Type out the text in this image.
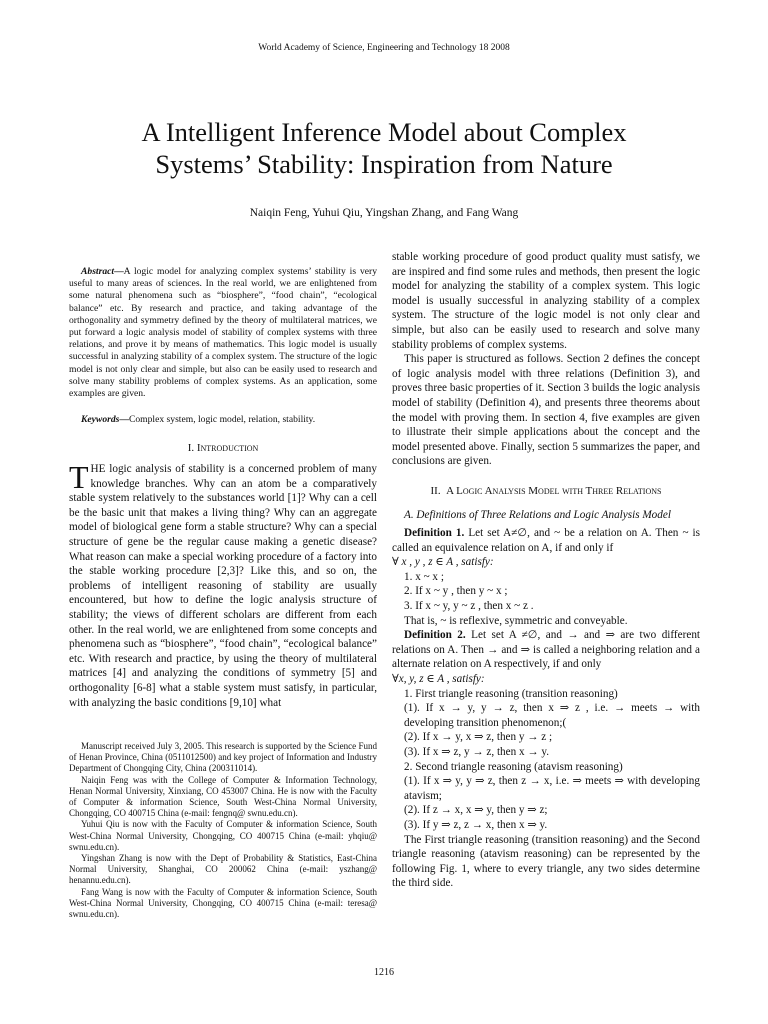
World Academy of Science, Engineering and Technology 18 2008
A Intelligent Inference Model about Complex
Systems’ Stability: Inspiration from Nature
Naiqin Feng, Yuhui Qiu, Yingshan Zhang, and Fang Wang

Abstract—A logic model for analyzing complex systems’ stability is very useful to many areas of sciences. In the real world, we are enlightened from some natural phenomena such as “biosphere”, “food chain”, “ecological balance” etc. By research and practice, and taking advantage of the orthogonality and symmetry defined by the theory of multilateral matrices, we put forward a logic analysis model of stability of complex systems with three relations, and prove it by means of mathematics. This logic model is usually successful in analyzing stability of a complex system. The structure of the logic model is not only clear and simple, but also can be easily used to research and solve many stability problems of complex systems. As an application, some examples are given.

Keywords—Complex system, logic model, relation, stability.

I. Introduction

THE logic analysis of stability is a concerned problem of many knowledge branches. Why can an atom be a comparatively stable system relatively to the substances world [1]? Why can a cell be the basic unit that makes a living thing? Why can an aggregate model of biological gene form a stable structure? Why can a special structure of gene be the regular cause making a genetic disease? What reason can make a special working procedure of a factory into the stable working procedure [2,3]? Like this, and so on, the problems of intelligent reasoning of stability are usually encountered, but how to define the logic analysis structure of stability; the views of different scholars are different from each other. In the real world, we are enlightened from some concepts and phenomena such as “biosphere”, “food chain”, “ecological balance” etc. With research and practice, by using the theory of multilateral matrices [4] and analyzing the conditions of symmetry [5] and orthogonality [6-8] what a stable system must satisfy, in particular, with analyzing the basic conditions [9,10] what

Manuscript received July 3, 2005. This research is supported by the Science Fund of Henan Province, China (0511012500) and key project of Information and Industry Department of Chongqing City, China (200311014).

Naiqin Feng was with the College of Computer & Information Technology, Henan Normal University, Xinxiang, CO 453007 China. He is now with the Faculty of Computer & information Science, South West-China Normal University, Chongqing, CO 400715 China (e-mail: fengnq@ swnu.edu.cn).

Yuhui Qiu is now with the Faculty of Computer & information Science, South West-China Normal University, Chongqing, CO 400715 China (e-mail: yhqiu@ swnu.edu.cn).

Yingshan Zhang is now with the Dept of Probability & Statistics, East-China Normal University, Shanghai, CO 200062 China (e-mail: yszhang@ henannu.edu.cn).

Fang Wang is now with the Faculty of Computer & information Science, South West-China Normal University, Chongqing, CO 400715 China (e-mail: teresa@ swnu.edu.cn).

stable working procedure of good product quality must satisfy, we are inspired and find some rules and methods, then present the logic model for analyzing the stability of a complex system. This logic model is usually successful in analyzing stability of a complex system. The structure of the logic model is not only clear and simple, but also can be easily used to research and solve many stability problems of complex systems.

This paper is structured as follows. Section 2 defines the concept of logic analysis model with three relations (Definition 3), and proves three basic properties of it. Section 3 builds the logic analysis model of stability (Definition 4), and presents three theorems about the model with proving them. In section 4, five examples are given to illustrate their simple applications about the concept and the model presented above. Finally, section 5 summarizes the paper, and conclusions are given.

II. A Logic Analysis Model with Three Relations

A. Definitions of Three Relations and Logic Analysis Model

Definition 1. Let set A≠∅, and ~ be a relation on A. Then ~ is called an equivalence relation on A, if and only if

∀ x , y , z ∈ A , satisfy:

1. x ~ x ;

2. If x ~ y , then y ~ x ;

3. If x ~ y, y ~ z , then x ~ z .

That is, ~ is reflexive, symmetric and conveyable.

Definition 2. Let set A ≠∅, and → and ⇒ are two different relations on A. Then → and ⇒ is called a neighboring relation and a alternate relation on A respectively, if and only

∀x, y, z ∈ A , satisfy:

1. First triangle reasoning (transition reasoning)

(1). If x → y, y → z, then x ⇒ z , i.e. → meets → with developing transition phenomenon;(

(2). If x → y, x ⇒ z, then y → z ;

(3). If x ⇒ z, y → z, then x → y.

2. Second triangle reasoning (atavism reasoning)

(1). If x ⇒ y, y ⇒ z, then z → x, i.e. ⇒ meets ⇒ with developing atavism;

(2). If z → x, x ⇒ y, then y ⇒ z;

(3). If y ⇒ z, z → x, then x ⇒ y.

The First triangle reasoning (transition reasoning) and the Second triangle reasoning (atavism reasoning) can be represented by the following Fig. 1, where to every triangle, any two sides determine the third side.

1216
